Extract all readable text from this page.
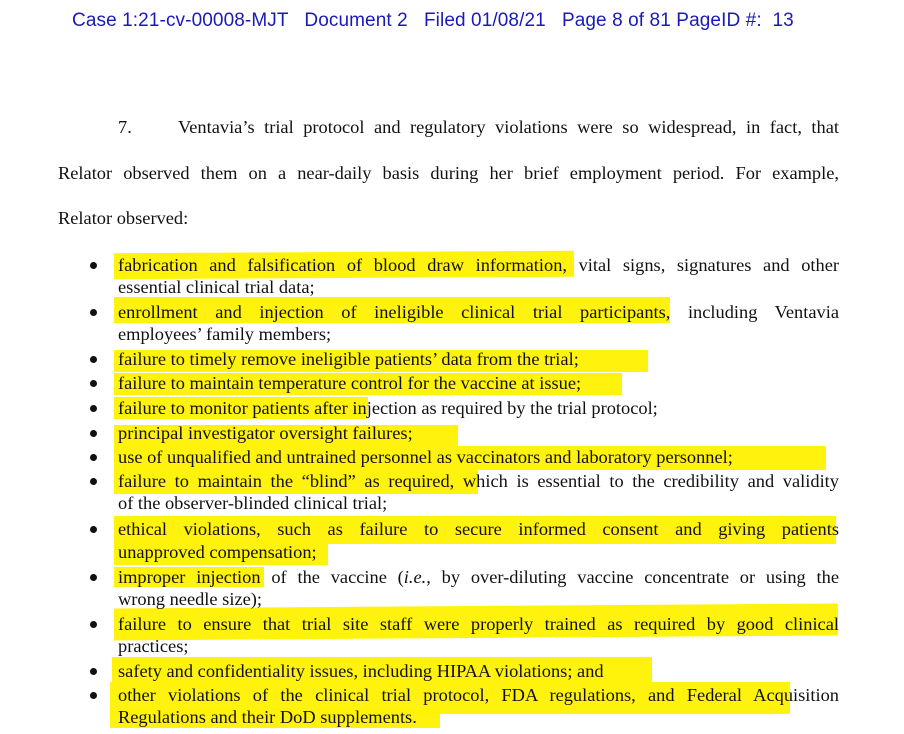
Case 1:21-cv-00008-MJT Document 2 Filed 01/08/21 Page 8 of 81 PageID #:  13
7.	Ventavia’s trial protocol and regulatory violations were so widespread, in fact, that
Relator observed them on a near-daily basis during her brief employment period. For example,
Relator observed:
fabrication and falsification of blood draw information, vital signs, signatures and other
essential clinical trial data;
enrollment and injection of ineligible clinical trial participants, including Ventavia
employees’ family members;
failure to timely remove ineligible patients’ data from the trial;
failure to maintain temperature control for the vaccine at issue;
failure to monitor patients after injection as required by the trial protocol;
principal investigator oversight failures;
use of unqualified and untrained personnel as vaccinators and laboratory personnel;
failure to maintain the “blind” as required, which is essential to the credibility and validity
of the observer-blinded clinical trial;
ethical violations, such as failure to secure informed consent and giving patients
unapproved compensation;
improper injection of the vaccine (i.e., by over-diluting vaccine concentrate or using the
wrong needle size);
failure to ensure that trial site staff were properly trained as required by good clinical
practices;
safety and confidentiality issues, including HIPAA violations; and
other violations of the clinical trial protocol, FDA regulations, and Federal Acquisition
Regulations and their DoD supplements.
